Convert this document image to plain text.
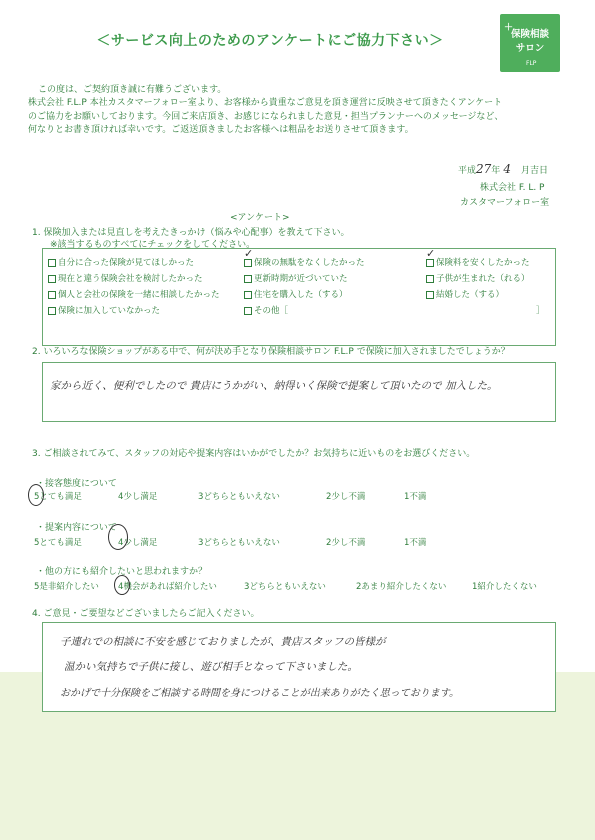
＜サービス向上のためのアンケートにご協力下さい＞
＋
保険相談
サロン
FLP
この度は、ご契約頂き誠に有難うございます。
株式会社 F.L.P 本社カスタマーフォロー室より、お客様から貴重なご意見を頂き運営に反映させて頂きたくアンケート
のご協力をお願いしております。今回ご来店頂き、お感じになられました意見・担当プランナーへのメッセージなど、
何なりとお書き頂ければ幸いです。ご返送頂きましたお客様へは粗品をお送りさせて頂きます。
平成27年 4 月吉日
株式会社 F. L. P
カスタマーフォロー室
<アンケート>
1. 保険加入または見直しを考えたきっかけ（悩みや心配事）を教えて下さい。
※該当するものすべてにチェックをしてください。
自分に合った保険が見てほしかった	保険の無駄をなくしたかった	保険料を安くしたかった
現在と違う保険会社を検討したかった	更新時期が近づいていた	子供が生まれた（れる）
個人と会社の保険を一緒に相談したかった	住宅を購入した（する）	結婚した（する）
保険に加入していなかった	その他［	］
✓	✓
2. いろいろな保険ショップがある中で、何が決め手となり保険相談サロン F.L.P で保険に加入されましたでしょうか？
家から近く、便利でしたので 貴店にうかがい、納得いく保険で提案して頂いたので 加入した。
3. ご相談されてみて、スタッフの対応や提案内容はいかがでしたか？お気持ちに近いものをお選びください。
・接客態度について
5とても満足	4少し満足	3どちらともいえない	2少し不満	1不満
・提案内容について
5とても満足	4少し満足	3どちらともいえない	2少し不満	1不満
・他の方にも紹介したいと思われますか？
5是非紹介したい 4機会があれば紹介したい	3どちらともいえない	2あまり紹介したくない	1紹介したくない
4. ご意見・ご要望などございましたらご記入ください。
子連れでの相談に不安を感じておりましたが、貴店スタッフの皆様が
温かい気持ちで子供に接し、遊び相手となって下さいました。
おかげで十分保険をご相談する時間を身につけることが出来ありがたく思っております。
